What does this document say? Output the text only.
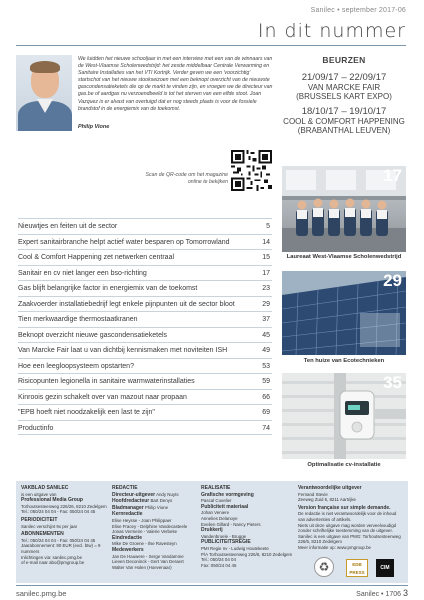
Sanilec • september 2017-06
In dit nummer
We luidden het nieuwe schooljaar in met een interview met een van de winnaars van de West-Vlaamse Scholenwedstrijd: het zesde middelbaar Centrale Verwarming en Sanitaire Installaties van het VTI Kortrijk. Verder geven we een 'voorzichtig' startschot van het nieuwe stookseizoen met een beknopt overzicht van de nieuwste gascondensatieketels die op de markt te vinden zijn, en vroegen we de directeur van gas.be of aardgas nu verzoendbeeld is tot het sterven van een elfde stoot. Joan Vazquez is er alvast van overtuigd dat er nog steeds plaats is voor de fossiele brandstof in de energiemix van de toekomst.
Philip Vione
BEURZEN
21/09/17 – 22/09/17
VAN MARCKE FAIR
(BRUSSELS KART EXPO)
18/10/17 – 19/10/17
COOL & COMFORT HAPPENING
(BRABANTHAL LEUVEN)
Scan de QR-code om het magazine online te bekijken
Nieuwtjes en feiten uit de sector	5
Expert sanitairbranche helpt actief water besparen op Tomorrowland	14
Cool & Comfort Happening zet netwerken centraal	15
Sanitair en cv niet langer een bso-richting	17
Gas blijft belangrijke factor in energiemix van de toekomst	23
Zaakvoerder installatiebedrijf legt enkele pijnpunten uit de sector bloot	29
Tien merkwaardige thermostaatkranen	37
Beknopt overzicht nieuwe gascondensatieketels	45
Van Marcke Fair laat u van dichtbij kennismaken met noviteiten ISH	49
Hoe een leegloopsysteem opstarten?	53
Risicopunten legionella in sanitaire warmwaterinstallaties	59
Kinroois gezin schakelt over van mazout naar propaan	66
"EPB hoeft niet noodzakelijk een last te zijn"	69
Productinfo	74
17
Laureaat West-Vlaamse Scholenwedstrijd
29
Ten huize van Ecotechnieken
35
Optimalisatie cv-installatie
VAKBLAD SANILEC
is een uitgave van
Professional Media Group
Torhoutsesteenweg 226/26, 8210 Zedelgem
Tel.: 050/24 04 04 - Fax: 050/24 04 45
PERIODICITEIT
Sanilec verschijnt 9x per jaar
ABONNEMENTEN
Tel.: 050/24 04 04 - Fax: 050/24 04 45
Jaarabonnement: 90 EUR (excl. btw) = 9 nummers
Inlichtingen via: sanilec.pmg.be
of e-mail naar abo@pmgroup.be
REDACTIE
Directeur-uitgever Andy Nuyts
Hoofdredacteur Bart Denys
Bladmanager Philip Vione
Kernredactie
Elise Heysse - Joan Philippaer
Elise Fracey - Delphine Vandecasteele
Jonas Vermeire - Valerie Verbeke
Eindredactie
Mike De Groene - Ilse Ravesteyn
Medewerkers
Jan De Hauwere - Serge Vandamme
Lieven Deconinck - Gert Van Deraert
Walter Van Holen (Hoevenaar)
REALISATIE
Grafische vormgeving
Pascal Cuvelier
Publiciteit materiaal
Johan Veniere
Annelies Delanoye
Evelien Gillard - Nancy Pieters
Drukkerij
Vandenbroele - Brugge
PUBLICITEITSREGIE
PMI Regie nv - Ludwig Houtekeete
P/A Torhoutsesteenweg 226/6, 8210 Zedelgem
Tel.: 050/24 04 04
Fax: 050/24 04 45
Verantwoordelijke uitgever
Fernand Stevie
Zeeweg Zuid 5, 8211 Aartrijke
Version française sur simple demande.
De redactie is niet verantwoordelijk voor de inhoud van advertenties of artikels.
Niets uit deze uitgave mag worden verveelvoudigd zonder schriftelijke toestemming van de uitgever.
Sanilec is een uitgave van PMG: Torhoutsesteenweg 226/5, 8210 Zedelgem
Meer informatie op: www.pmgroup.be
♻	EDB PRESS
CIM
sanilec.pmg.be	Sanilec • 1706 3
